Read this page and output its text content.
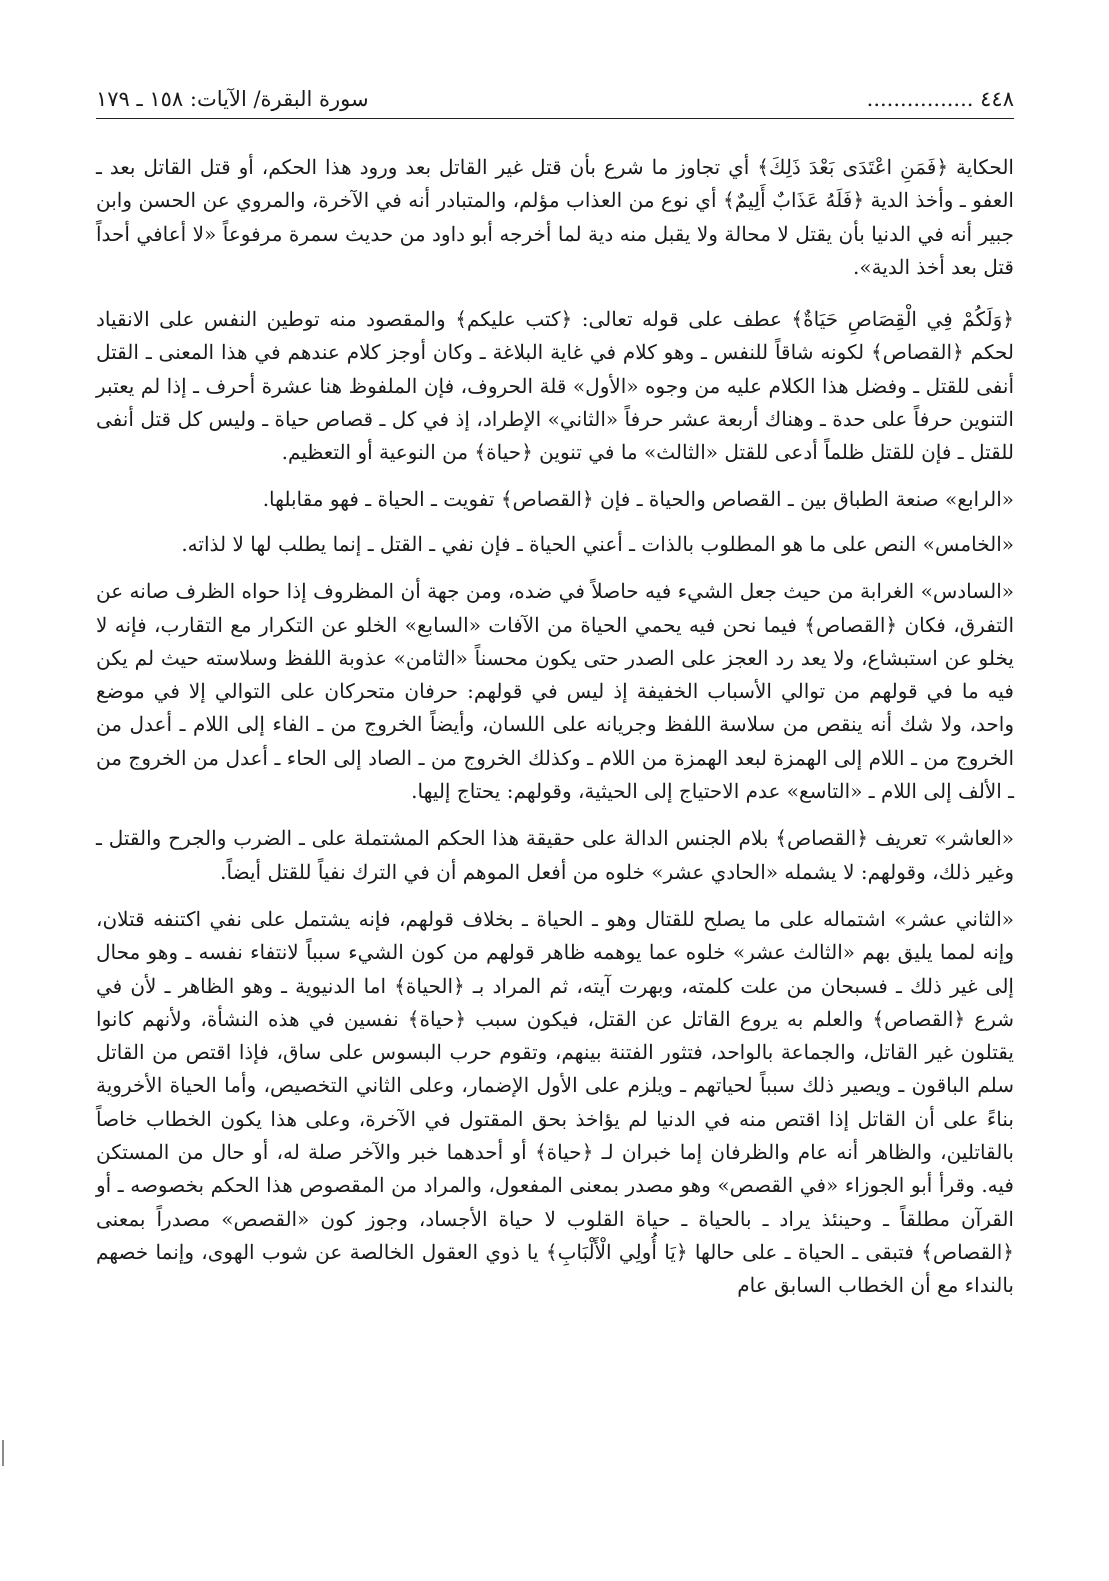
٤٤٨ ................
سورة البقرة/ الآيات: ١٥٨ ـ ١٧٩

الحكاية ﴿فَمَنِ اعْتَدَى بَعْدَ ذَلِكَ﴾ أي تجاوز ما شرع بأن قتل غير القاتل بعد ورود هذا الحكم، أو قتل القاتل بعد ـ العفو ـ وأخذ الدية ﴿فَلَهُ عَذَابٌ أَلِيمٌ﴾ أي نوع من العذاب مؤلم، والمتبادر أنه في الآخرة، والمروي عن الحسن وابن جبير أنه في الدنيا بأن يقتل لا محالة ولا يقبل منه دية لما أخرجه أبو داود من حديث سمرة مرفوعاً «لا أعافي أحداً قتل بعد أخذ الدية».

﴿وَلَكُمْ فِي الْقِصَاصِ حَيَاةٌ﴾ عطف على قوله تعالى: ﴿كتب عليكم﴾ والمقصود منه توطين النفس على الانقياد لحكم ﴿القصاص﴾ لكونه شاقاً للنفس ـ وهو كلام في غاية البلاغة ـ وكان أوجز كلام عندهم في هذا المعنى ـ القتل أنفى للقتل ـ وفضل هذا الكلام عليه من وجوه «الأول» قلة الحروف، فإن الملفوظ هنا عشرة أحرف ـ إذا لم يعتبر التنوين حرفاً على حدة ـ وهناك أربعة عشر حرفاً «الثاني» الإطراد، إذ في كل ـ قصاص حياة ـ وليس كل قتل أنفى للقتل ـ فإن للقتل ظلماً أدعى للقتل «الثالث» ما في تنوين ﴿حياة﴾ من النوعية أو التعظيم.

«الرابع» صنعة الطباق بين ـ القصاص والحياة ـ فإن ﴿القصاص﴾ تفويت ـ الحياة ـ فهو مقابلها.

«الخامس» النص على ما هو المطلوب بالذات ـ أعني الحياة ـ فإن نفي ـ القتل ـ إنما يطلب لها لا لذاته.

«السادس» الغرابة من حيث جعل الشيء فيه حاصلاً في ضده، ومن جهة أن المظروف إذا حواه الظرف صانه عن التفرق، فكان ﴿القصاص﴾ فيما نحن فيه يحمي الحياة من الآفات «السابع» الخلو عن التكرار مع التقارب، فإنه لا يخلو عن استبشاع، ولا يعد رد العجز على الصدر حتى يكون محسناً «الثامن» عذوبة اللفظ وسلاسته حيث لم يكن فيه ما في قولهم من توالي الأسباب الخفيفة إذ ليس في قولهم: حرفان متحركان على التوالي إلا في موضع واحد، ولا شك أنه ينقص من سلاسة اللفظ وجريانه على اللسان، وأيضاً الخروج من ـ الفاء إلى اللام ـ أعدل من الخروج من ـ اللام إلى الهمزة لبعد الهمزة من اللام ـ وكذلك الخروج من ـ الصاد إلى الحاء ـ أعدل من الخروج من ـ الألف إلى اللام ـ «التاسع» عدم الاحتياج إلى الحيثية، وقولهم: يحتاج إليها.

«العاشر» تعريف ﴿القصاص﴾ بلام الجنس الدالة على حقيقة هذا الحكم المشتملة على ـ الضرب والجرح والقتل ـ وغير ذلك، وقولهم: لا يشمله «الحادي عشر» خلوه من أفعل الموهم أن في الترك نفياً للقتل أيضاً.

«الثاني عشر» اشتماله على ما يصلح للقتال وهو ـ الحياة ـ بخلاف قولهم، فإنه يشتمل على نفي اكتنفه قتلان، وإنه لمما يليق بهم «الثالث عشر» خلوه عما يوهمه ظاهر قولهم من كون الشيء سبباً لانتفاء نفسه ـ وهو محال إلى غير ذلك ـ فسبحان من علت كلمته، وبهرت آيته، ثم المراد بـ ﴿الحياة﴾ اما الدنيوية ـ وهو الظاهر ـ لأن في شرع ﴿القصاص﴾ والعلم به يروع القاتل عن القتل، فيكون سبب ﴿حياة﴾ نفسين في هذه النشأة، ولأنهم كانوا يقتلون غير القاتل، والجماعة بالواحد، فتثور الفتنة بينهم، وتقوم حرب البسوس على ساق، فإذا اقتص من القاتل سلم الباقون ـ ويصير ذلك سبباً لحياتهم ـ ويلزم على الأول الإضمار، وعلى الثاني التخصيص، وأما الحياة الأخروية بناءً على أن القاتل إذا اقتص منه في الدنيا لم يؤاخذ بحق المقتول في الآخرة، وعلى هذا يكون الخطاب خاصاً بالقاتلين، والظاهر أنه عام والظرفان إما خبران لـ ﴿حياة﴾ أو أحدهما خبر والآخر صلة له، أو حال من المستكن فيه. وقرأ أبو الجوزاء «في القصص» وهو مصدر بمعنى المفعول، والمراد من المقصوص هذا الحكم بخصوصه ـ أو القرآن مطلقاً ـ وحينئذ يراد ـ بالحياة ـ حياة القلوب لا حياة الأجساد، وجوز كون «القصص» مصدراً بمعنى ﴿القصاص﴾ فتبقى ـ الحياة ـ على حالها ﴿يَا أُولِي الْأَلْبَابِ﴾ يا ذوي العقول الخالصة عن شوب الهوى، وإنما خصهم بالنداء مع أن الخطاب السابق عام
